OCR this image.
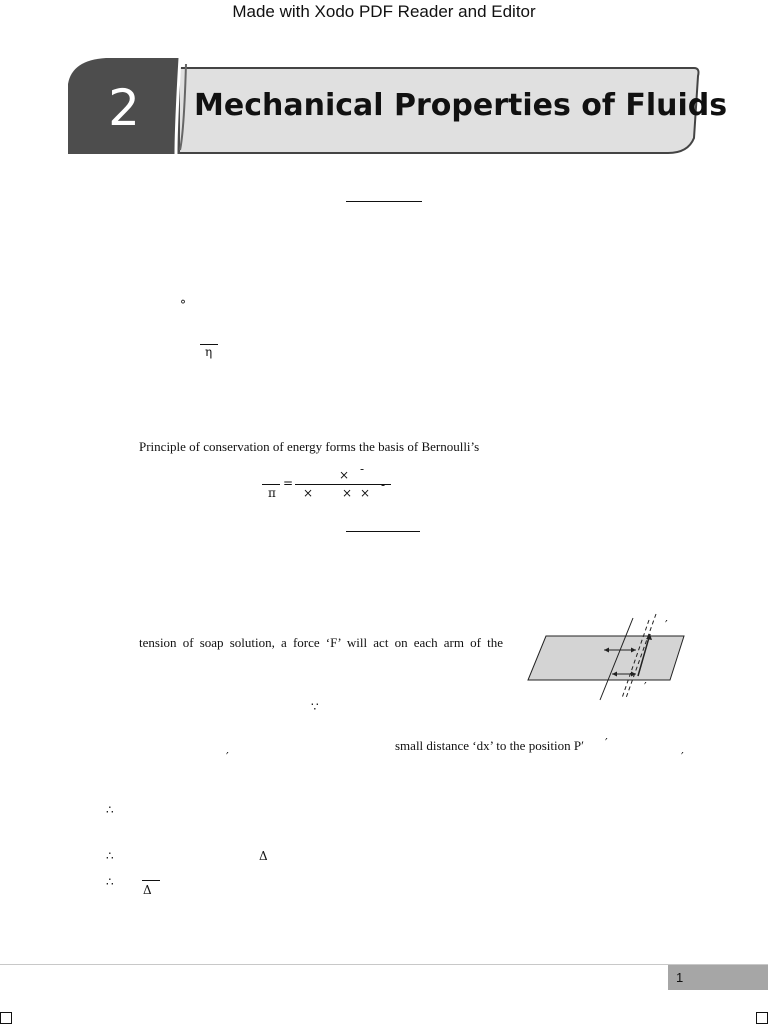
Made with Xodo PDF Reader and Editor
2	Mechanical Properties of Fluids
°
η
Principle of conservation of energy forms the basis of Bernoulli’s
π
=
× -
× × ×
-
tension of soap solution, a force ‘F’ will act on each arm of the
′
′
∵
small distance ‘dx’ to the position P′ ′
′	′
∴
∴	Δ
∴
Δ
1
